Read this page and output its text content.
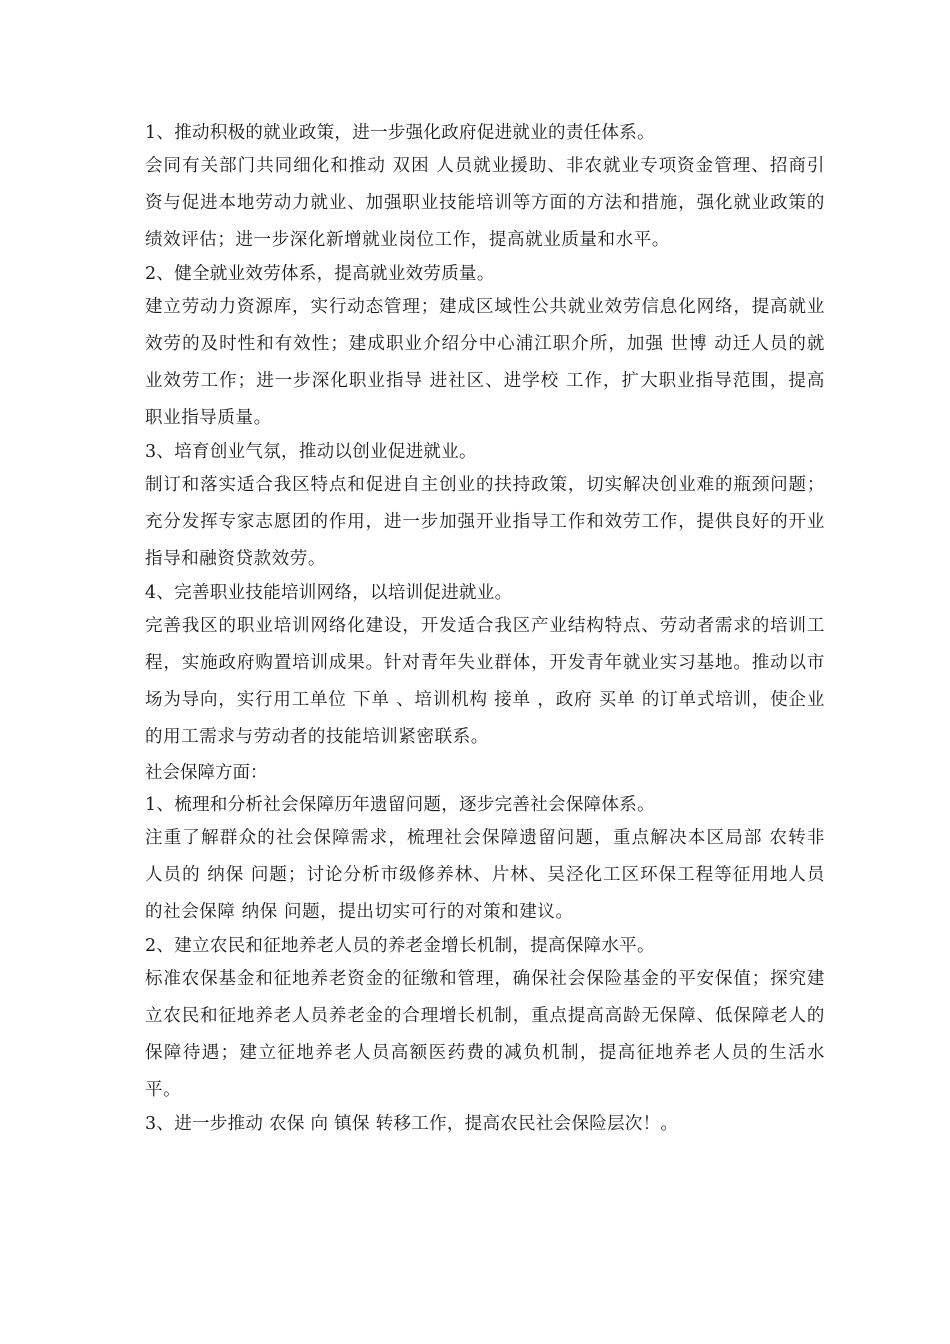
1、推动积极的就业政策，进一步强化政府促进就业的责任体系。
会同有关部门共同细化和推动 双困 人员就业援助、非农就业专项资金管理、招商引资与促进本地劳动力就业、加强职业技能培训等方面的方法和措施，强化就业政策的绩效评估；进一步深化新增就业岗位工作，提高就业质量和水平。
2、健全就业效劳体系，提高就业效劳质量。
建立劳动力资源库，实行动态管理；建成区域性公共就业效劳信息化网络，提高就业效劳的及时性和有效性；建成职业介绍分中心浦江职介所，加强 世博 动迁人员的就业效劳工作；进一步深化职业指导 进社区、进学校 工作，扩大职业指导范围，提高职业指导质量。
3、培育创业气氛，推动以创业促进就业。
制订和落实适合我区特点和促进自主创业的扶持政策，切实解决创业难的瓶颈问题；充分发挥专家志愿团的作用，进一步加强开业指导工作和效劳工作，提供良好的开业指导和融资贷款效劳。
4、完善职业技能培训网络，以培训促进就业。
完善我区的职业培训网络化建设，开发适合我区产业结构特点、劳动者需求的培训工程，实施政府购置培训成果。针对青年失业群体，开发青年就业实习基地。推动以市场为导向，实行用工单位 下单 、培训机构 接单 ，政府 买单 的订单式培训，使企业的用工需求与劳动者的技能培训紧密联系。
社会保障方面：
1、梳理和分析社会保障历年遗留问题，逐步完善社会保障体系。
注重了解群众的社会保障需求，梳理社会保障遗留问题，重点解决本区局部 农转非 人员的 纳保 问题；讨论分析市级修养林、片林、吴泾化工区环保工程等征用地人员的社会保障 纳保 问题，提出切实可行的对策和建议。
2、建立农民和征地养老人员的养老金增长机制，提高保障水平。
标准农保基金和征地养老资金的征缴和管理，确保社会保险基金的平安保值；探究建立农民和征地养老人员养老金的合理增长机制，重点提高高龄无保障、低保障老人的保障待遇；建立征地养老人员高额医药费的减负机制，提高征地养老人员的生活水平。
3、进一步推动 农保 向 镇保 转移工作，提高农民社会保险层次！。
